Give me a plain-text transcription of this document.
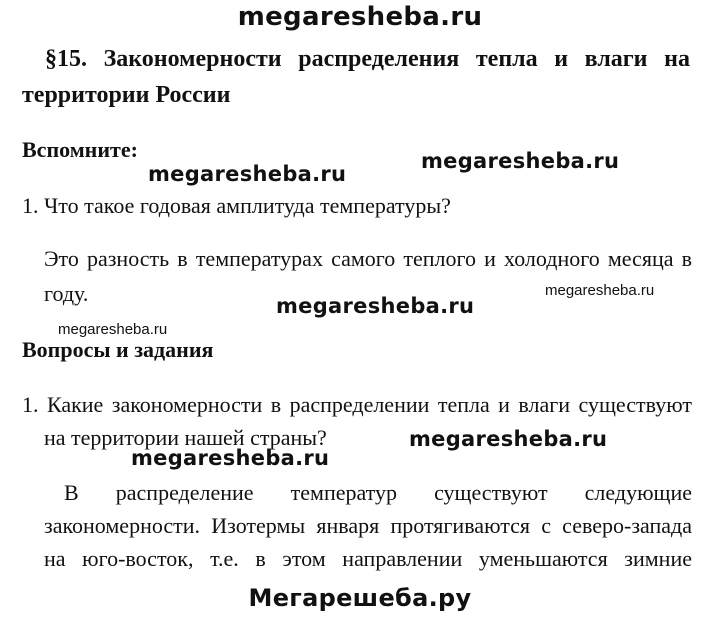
megaresheba.ru
§15. Закономерности распределения тепла и влаги на
территории России
Вспомните:	megaresheba.ru
megaresheba.ru
1. Что такое годовая амплитуда температуры?
Это разность в температурах самого теплого и холодного месяца в
году.	megaresheba.ru
megaresheba.ru
megaresheba.ru
Вопросы и задания
1. Какие закономерности в распределении тепла и влаги существуют
на территории нашей страны?	megaresheba.ru
megaresheba.ru
В распределение температур существуют следующие
закономерности. Изотермы января протягиваются с северо-запада
на юго-восток, т.е. в этом направлении уменьшаются зимние
Мегарешеба.ру
